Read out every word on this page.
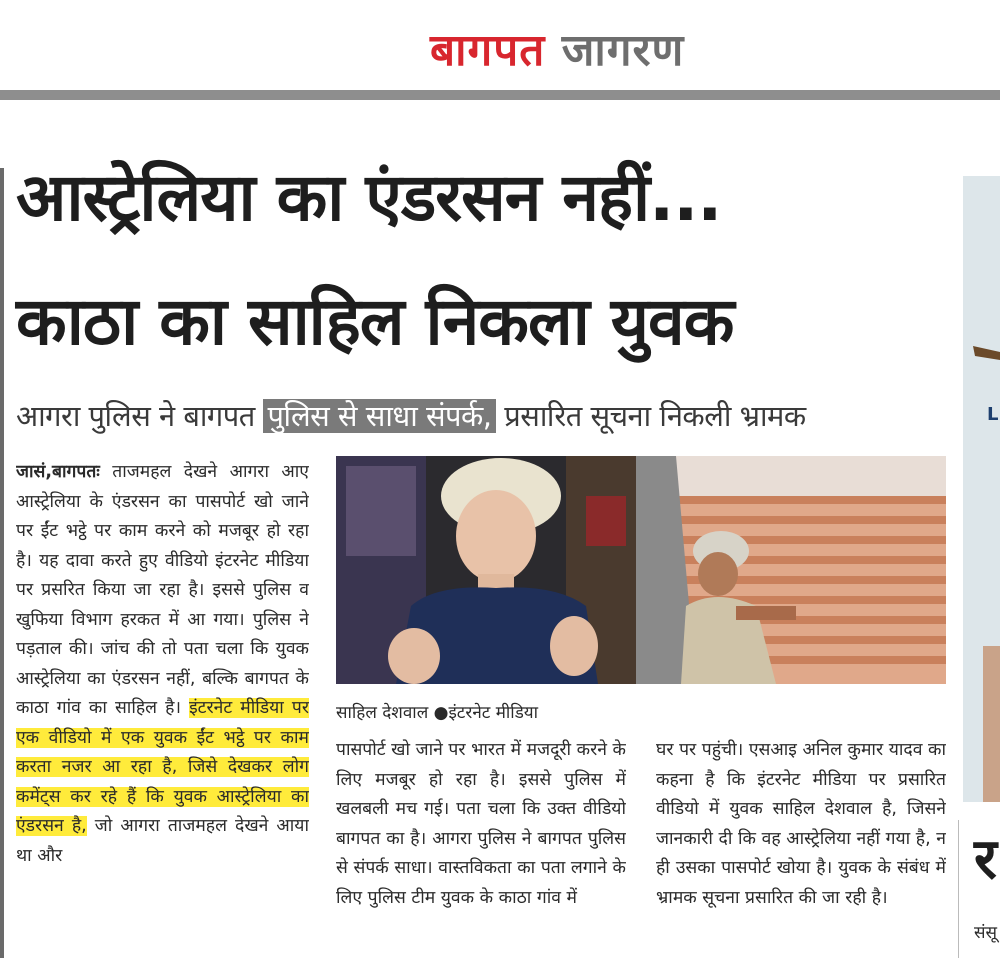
बागपत जागरण
आस्ट्रेलिया का एंडरसन नहीं...
काठा का साहिल निकला युवक
आगरा पुलिस ने बागपत पुलिस से साधा संपर्क, प्रसारित सूचना निकली भ्रामक
जासं,बागपतः ताजमहल देखने आगरा आए आस्ट्रेलिया के एंडरसन का पासपोर्ट खो जाने पर ईंट भट्ठे पर काम करने को मजबूर हो रहा है। यह दावा करते हुए वीडियो इंटरनेट मीडिया पर प्रसरित किया जा रहा है। इससे पुलिस व खुफिया विभाग हरकत में आ गया। पुलिस ने पड़ताल की। जांच की तो पता चला कि युवक आस्ट्रेलिया का एंडरसन नहीं, बल्कि बागपत के काठा गांव का साहिल है। इंटरनेट मीडिया पर एक वीडियो में एक युवक ईंट भट्ठे पर काम करता नजर आ रहा है, जिसे देखकर लोग कमेंट्स कर रहे हैं कि युवक आस्ट्रेलिया का एंडरसन है, जो आगरा ताजमहल देखने आया था और
साहिल देशवाल ●इंटरनेट मीडिया
पासपोर्ट खो जाने पर भारत में मजदूरी करने के लिए मजबूर हो रहा है। इससे पुलिस में खलबली मच गई। पता चला कि उक्त वीडियो बागपत का है। आगरा पुलिस ने बागपत पुलिस से संपर्क साधा। वास्तविकता का पता लगाने के लिए पुलिस टीम युवक के काठा गांव में
घर पर पहुंची। एसआइ अनिल कुमार यादव का कहना है कि इंटरनेट मीडिया पर प्रसारित वीडियो में युवक साहिल देशवाल है, जिसने जानकारी दी कि वह आस्ट्रेलिया नहीं गया है, न ही उसका पासपोर्ट खोया है। युवक के संबंध में भ्रामक सूचना प्रसारित की जा रही है।
L
र
संसू
